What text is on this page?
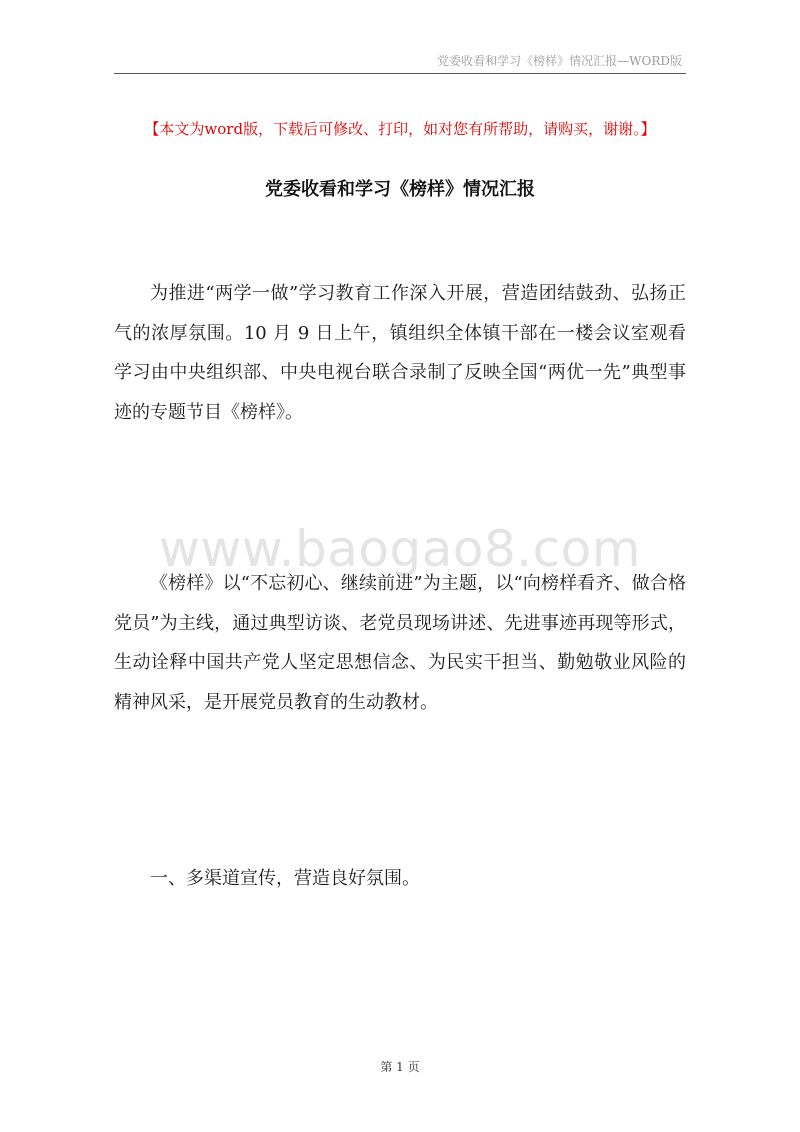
党委收看和学习《榜样》情况汇报—WORD版
【本文为word版，下载后可修改、打印，如对您有所帮助，请购买，谢谢。】
党委收看和学习《榜样》情况汇报

为推进“两学一做”学习教育工作深入开展，营造团结鼓劲、弘扬正气的浓厚氛围。10 月 9 日上午，镇组织全体镇干部在一楼会议室观看学习由中央组织部、中央电视台联合录制了反映全国“两优一先”典型事迹的专题节目《榜样》。

www.baogao8.com

《榜样》以“不忘初心、继续前进”为主题，以“向榜样看齐、做合格党员”为主线，通过典型访谈、老党员现场讲述、先进事迹再现等形式，生动诠释中国共产党人坚定思想信念、为民实干担当、勤勉敬业风险的精神风采，是开展党员教育的生动教材。

一、多渠道宣传，营造良好氛围。

第 1 页
